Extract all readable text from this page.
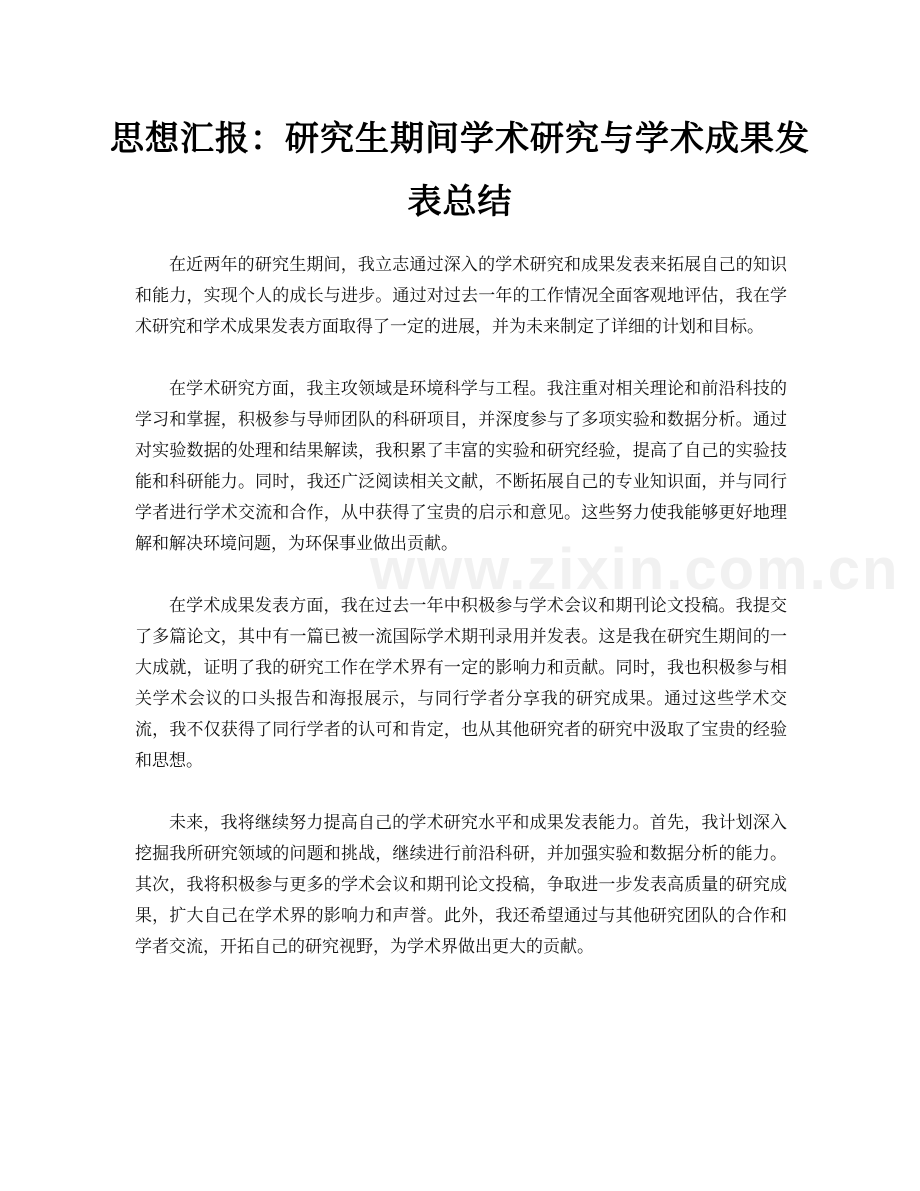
www.zixin.com.cn
思想汇报：研究生期间学术研究与学术成果发表总结

在近两年的研究生期间，我立志通过深入的学术研究和成果发表来拓展自己的知识和能力，实现个人的成长与进步。通过对过去一年的工作情况全面客观地评估，我在学术研究和学术成果发表方面取得了一定的进展，并为未来制定了详细的计划和目标。

在学术研究方面，我主攻领域是环境科学与工程。我注重对相关理论和前沿科技的学习和掌握，积极参与导师团队的科研项目，并深度参与了多项实验和数据分析。通过对实验数据的处理和结果解读，我积累了丰富的实验和研究经验，提高了自己的实验技能和科研能力。同时，我还广泛阅读相关文献，不断拓展自己的专业知识面，并与同行学者进行学术交流和合作，从中获得了宝贵的启示和意见。这些努力使我能够更好地理解和解决环境问题，为环保事业做出贡献。

在学术成果发表方面，我在过去一年中积极参与学术会议和期刊论文投稿。我提交了多篇论文，其中有一篇已被一流国际学术期刊录用并发表。这是我在研究生期间的一大成就，证明了我的研究工作在学术界有一定的影响力和贡献。同时，我也积极参与相关学术会议的口头报告和海报展示，与同行学者分享我的研究成果。通过这些学术交流，我不仅获得了同行学者的认可和肯定，也从其他研究者的研究中汲取了宝贵的经验和思想。

未来，我将继续努力提高自己的学术研究水平和成果发表能力。首先，我计划深入挖掘我所研究领域的问题和挑战，继续进行前沿科研，并加强实验和数据分析的能力。其次，我将积极参与更多的学术会议和期刊论文投稿，争取进一步发表高质量的研究成果，扩大自己在学术界的影响力和声誉。此外，我还希望通过与其他研究团队的合作和学者交流，开拓自己的研究视野，为学术界做出更大的贡献。
